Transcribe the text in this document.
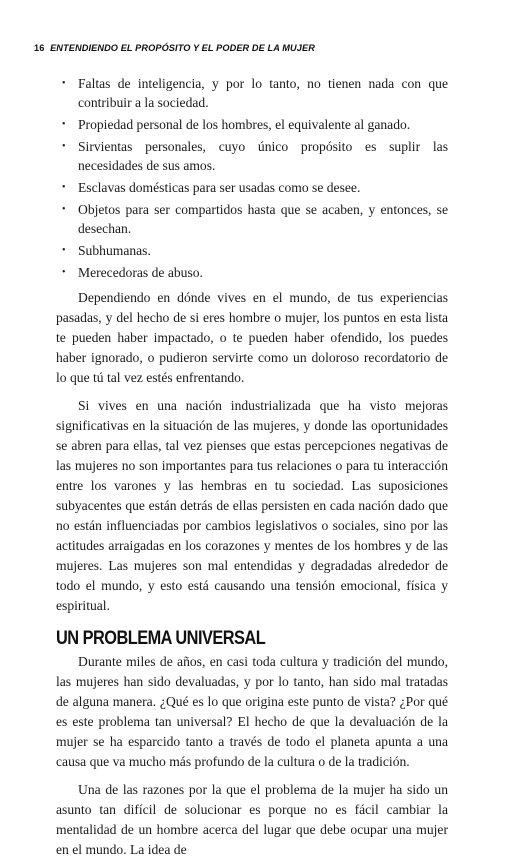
16 ENTENDIENDO EL PROPÓSITO Y EL PODER DE LA MUJER
• Faltas de inteligencia, y por lo tanto, no tienen nada con que contribuir a la sociedad.
• Propiedad personal de los hombres, el equivalente al ganado.
• Sirvientas personales, cuyo único propósito es suplir las necesidades de sus amos.
• Esclavas domésticas para ser usadas como se desee.
• Objetos para ser compartidos hasta que se acaben, y entonces, se desechan.
• Subhumanas.
• Merecedoras de abuso.

Dependiendo en dónde vives en el mundo, de tus experiencias pasadas, y del hecho de si eres hombre o mujer, los puntos en esta lista te pueden haber impactado, o te pueden haber ofendido, los puedes haber ignorado, o pudieron servirte como un doloroso recordatorio de lo que tú tal vez estés enfrentando.

Si vives en una nación industrializada que ha visto mejoras significativas en la situación de las mujeres, y donde las oportunidades se abren para ellas, tal vez pienses que estas percepciones negativas de las mujeres no son importantes para tus relaciones o para tu interacción entre los varones y las hembras en tu sociedad. Las suposiciones subyacentes que están detrás de ellas persisten en cada nación dado que no están influenciadas por cambios legislativos o sociales, sino por las actitudes arraigadas en los corazones y mentes de los hombres y de las mujeres. Las mujeres son mal entendidas y degradadas alrededor de todo el mundo, y esto está causando una tensión emocional, física y espiritual.

UN PROBLEMA UNIVERSAL

Durante miles de años, en casi toda cultura y tradición del mundo, las mujeres han sido devaluadas, y por lo tanto, han sido mal tratadas de alguna manera. ¿Qué es lo que origina este punto de vista? ¿Por qué es este problema tan universal? El hecho de que la devaluación de la mujer se ha esparcido tanto a través de todo el planeta apunta a una causa que va mucho más profundo de la cultura o de la tradición.

Una de las razones por la que el problema de la mujer ha sido un asunto tan difícil de solucionar es porque no es fácil cambiar la mentalidad de un hombre acerca del lugar que debe ocupar una mujer en el mundo. La idea de
